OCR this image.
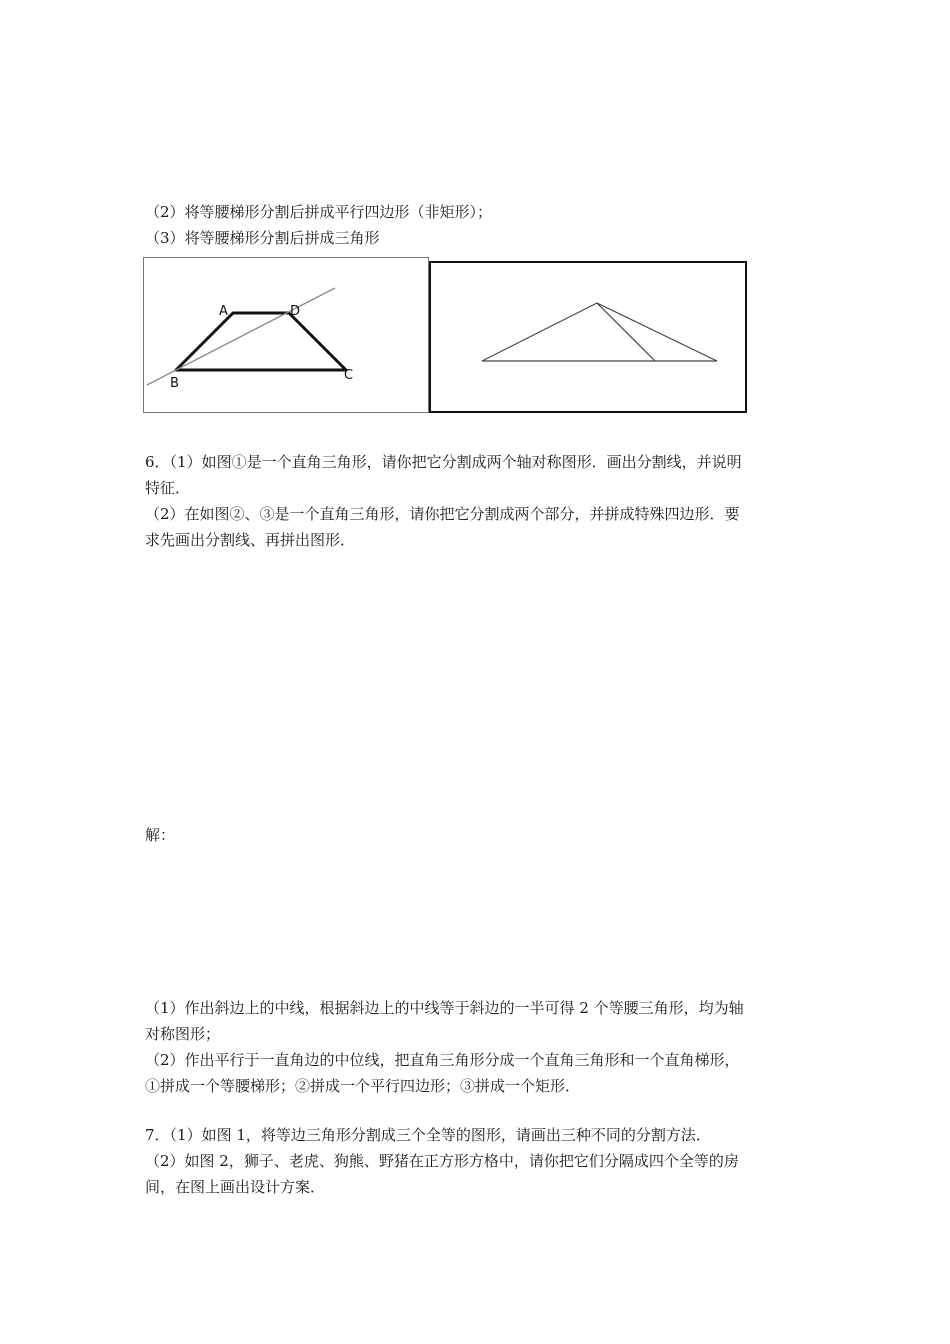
（2）将等腰梯形分割后拼成平行四边形（非矩形）；
（3）将等腰梯形分割后拼成三角形
A	D
B
C
6．（1）如图①是一个直角三角形，请你把它分割成两个轴对称图形．画出分割线，并说明
特征．
（2）在如图②、③是一个直角三角形，请你把它分割成两个部分，并拼成特殊四边形．要
求先画出分割线、再拼出图形．
解：
（1）作出斜边上的中线，根据斜边上的中线等于斜边的一半可得 2 个等腰三角形，均为轴
对称图形；
（2）作出平行于一直角边的中位线，把直角三角形分成一个直角三角形和一个直角梯形，
①拼成一个等腰梯形；②拼成一个平行四边形；③拼成一个矩形．
7．（1）如图 1，将等边三角形分割成三个全等的图形，请画出三种不同的分割方法．
（2）如图 2，狮子、老虎、狗熊、野猪在正方形方格中，请你把它们分隔成四个全等的房
间，在图上画出设计方案．
